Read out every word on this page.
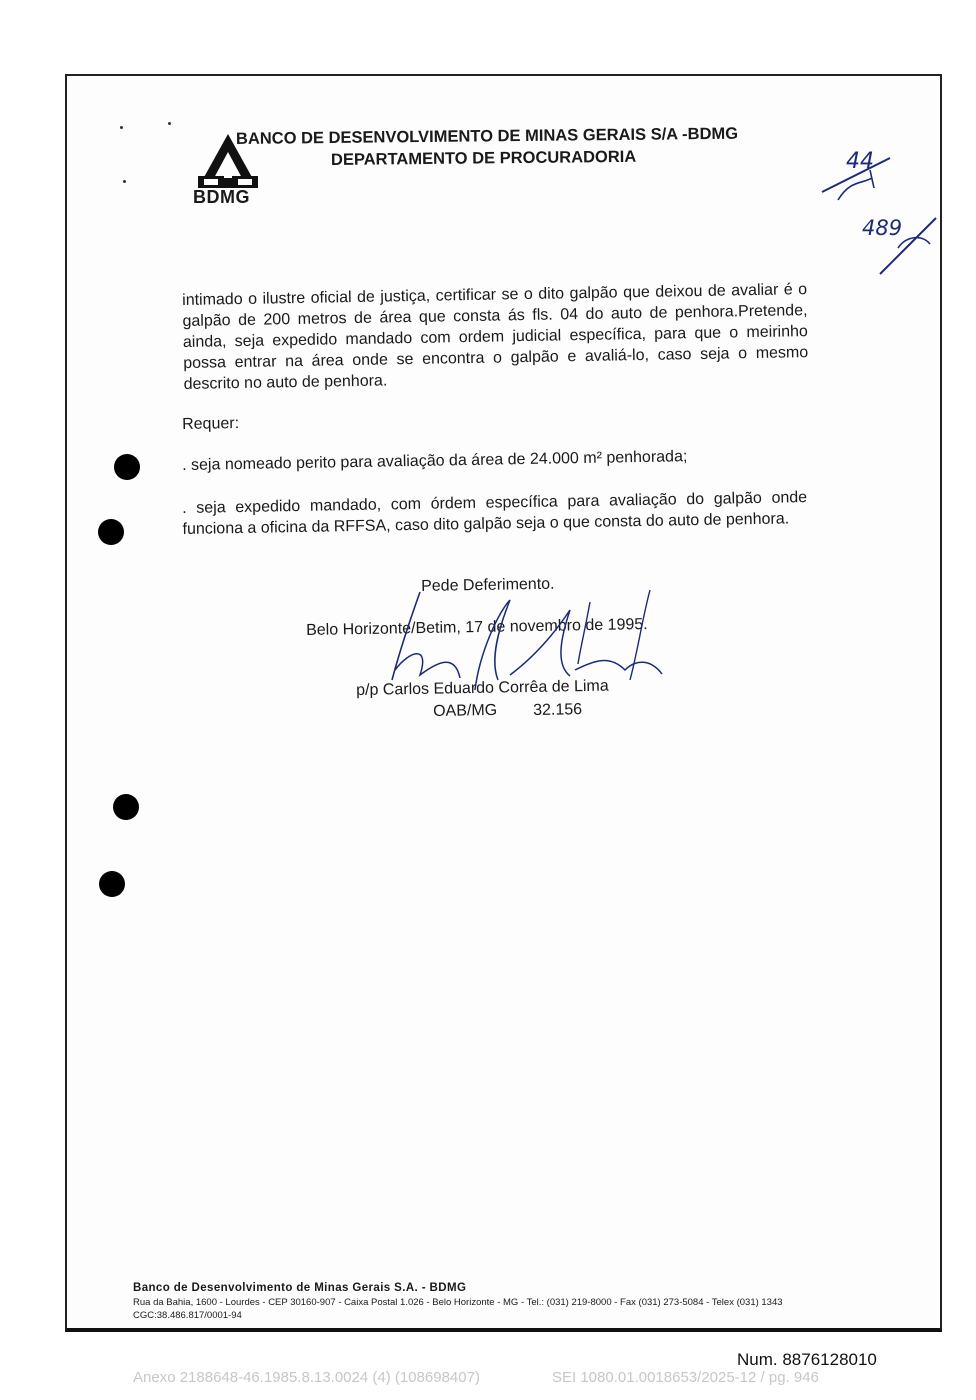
BDMG
BANCO DE DESENVOLVIMENTO DE MINAS GERAIS S/A -BDMG
DEPARTAMENTO DE PROCURADORIA	44
489
intimado o ilustre oficial de justiça, certificar se o dito galpão que deixou de avaliar é o galpão de 200 metros de área que consta ás fls. 04 do auto de penhora.Pretende, ainda, seja expedido mandado com ordem judicial específica, para que o meirinho possa entrar na área onde se encontra o galpão e avaliá-lo, caso seja o mesmo descrito no auto de penhora.
Requer:
. seja nomeado perito para avaliação da área de 24.000 m² penhorada;
. seja expedido mandado, com órdem específica para avaliação do galpão onde funciona a oficina da RFFSA, caso dito galpão seja o que consta do auto de penhora.
Pede Deferimento.
Belo Horizonte/Betim, 17 de novembro de 1995.
p/p Carlos Eduardo Corrêa de Lima
OAB/MG 32.156
Banco de Desenvolvimento de Minas Gerais S.A. - BDMG
Rua da Bahia, 1600 - Lourdes - CEP 30160-907 - Caixa Postal 1.026 - Belo Horizonte - MG - Tel.: (031) 219-8000 - Fax (031) 273-5084 - Telex (031) 1343
CGC:38.486.817/0001-94
Num. 8876128010
Anexo 2188648-46.1985.8.13.0024 (4) (108698407)	SEI 1080.01.0018653/2025-12 / pg. 946
